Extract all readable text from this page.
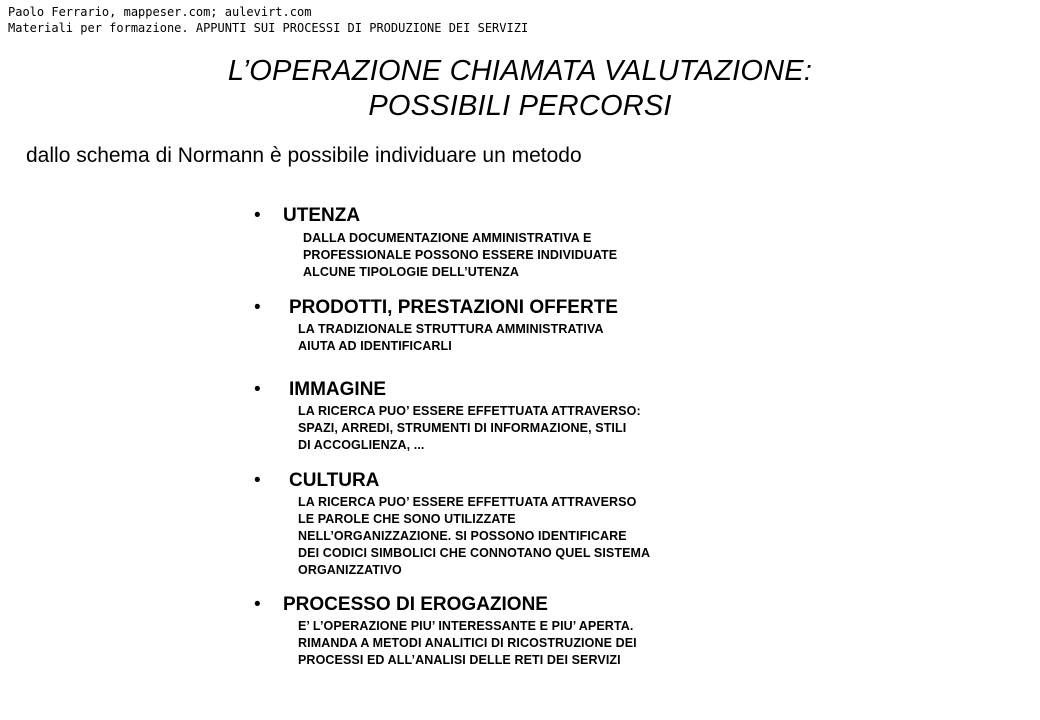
Paolo Ferrario, mappeser.com; aulevirt.com
Materiali per formazione. APPUNTI SUI PROCESSI DI PRODUZIONE DEI SERVIZI
L’OPERAZIONE CHIAMATA VALUTAZIONE:
POSSIBILI PERCORSI
dallo schema di Normann è possibile individuare un metodo
• UTENZA
DALLA DOCUMENTAZIONE AMMINISTRATIVA E
PROFESSIONALE POSSONO ESSERE INDIVIDUATE
ALCUNE TIPOLOGIE DELL’UTENZA
• PRODOTTI, PRESTAZIONI OFFERTE
LA TRADIZIONALE STRUTTURA AMMINISTRATIVA
AIUTA AD IDENTIFICARLI
• IMMAGINE
LA RICERCA PUO’ ESSERE EFFETTUATA ATTRAVERSO:
SPAZI, ARREDI, STRUMENTI DI INFORMAZIONE, STILI
DI ACCOGLIENZA, ...
• CULTURA
LA RICERCA PUO’ ESSERE EFFETTUATA ATTRAVERSO
LE PAROLE CHE SONO UTILIZZATE
NELL’ORGANIZZAZIONE. SI POSSONO IDENTIFICARE
DEI CODICI SIMBOLICI CHE CONNOTANO QUEL SISTEMA
ORGANIZZATIVO
• PROCESSO DI EROGAZIONE
E’ L’OPERAZIONE PIU’ INTERESSANTE E PIU’ APERTA.
RIMANDA A METODI ANALITICI DI RICOSTRUZIONE DEI
PROCESSI ED ALL’ANALISI DELLE RETI DEI SERVIZI
